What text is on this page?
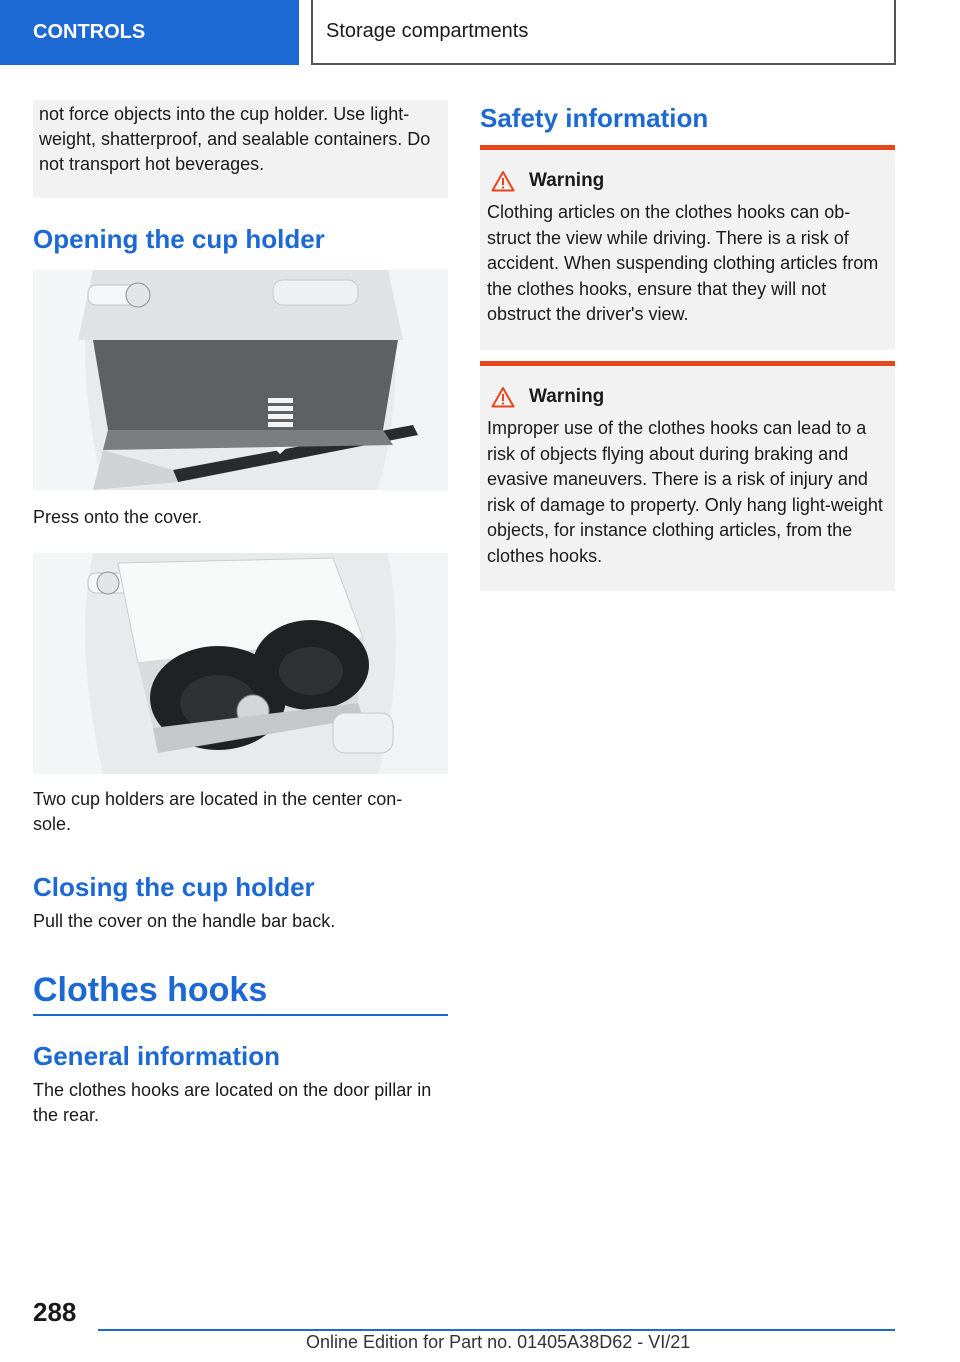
CONTROLS	Storage compartments
not force objects into the cup holder. Use light-weight, shatterproof, and sealable containers. Do not transport hot beverages.
Opening the cup holder

Press onto the cover.

Two cup holders are located in the center con-sole.

Closing the cup holder

Pull the cover on the handle bar back.

Clothes hooks
General information

The clothes hooks are located on the door pillar in the rear.

Safety information
Warning

Clothing articles on the clothes hooks can ob-struct the view while driving. There is a risk of accident. When suspending clothing articles from the clothes hooks, ensure that they will not obstruct the driver's view.

Warning

Improper use of the clothes hooks can lead to a risk of objects flying about during braking and evasive maneuvers. There is a risk of injury and risk of damage to property. Only hang light-weight objects, for instance clothing articles, from the clothes hooks.

288
Online Edition for Part no. 01405A38D62 - VI/21
